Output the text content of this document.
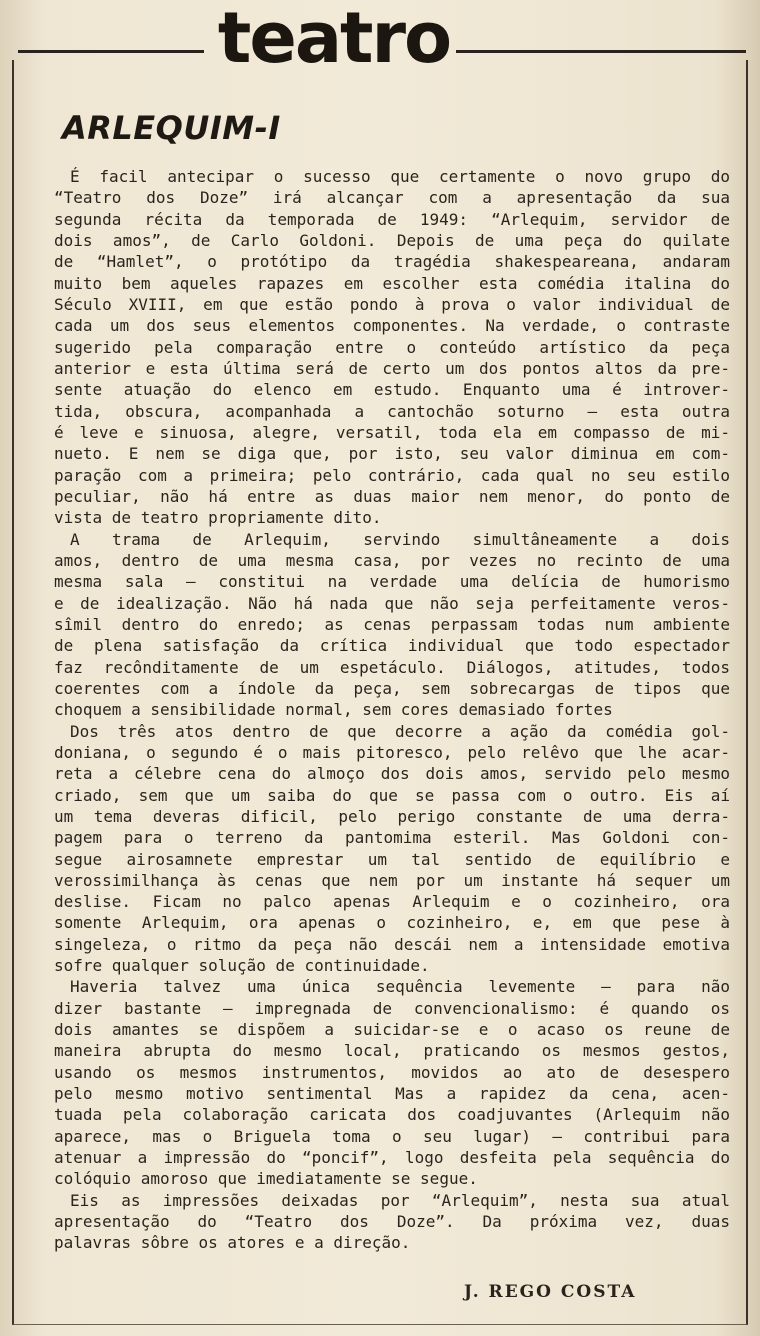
teatro
ARLEQUIM-I
É facil antecipar o sucesso que certamente o novo grupo do
“Teatro dos Doze” irá alcançar com a apresentação da sua
segunda récita da temporada de 1949: “Arlequim, servidor de
dois amos”, de Carlo Goldoni. Depois de uma peça do quilate
de “Hamlet”, o protótipo da tragédia shakespeareana, andaram
muito bem aqueles rapazes em escolher esta comédia italina do
Século XVIII, em que estão pondo à prova o valor individual de
cada um dos seus elementos componentes. Na verdade, o contraste
sugerido pela comparação entre o conteúdo artístico da peça
anterior e esta última será de certo um dos pontos altos da pre-
sente atuação do elenco em estudo. Enquanto uma é introver-
tida, obscura, acompanhada a cantochão soturno — esta outra
é leve e sinuosa, alegre, versatil, toda ela em compasso de mi-
nueto. E nem se diga que, por isto, seu valor diminua em com-
paração com a primeira; pelo contrário, cada qual no seu estilo
peculiar, não há entre as duas maior nem menor, do ponto de
vista de teatro propriamente dito.
A trama de Arlequim, servindo simultâneamente a dois
amos, dentro de uma mesma casa, por vezes no recinto de uma
mesma sala — constitui na verdade uma delícia de humorismo
e de idealização. Não há nada que não seja perfeitamente veros-
sîmil dentro do enredo; as cenas perpassam todas num ambiente
de plena satisfação da crítica individual que todo espectador
faz recônditamente de um espetáculo. Diálogos, atitudes, todos
coerentes com a índole da peça, sem sobrecargas de tipos que
choquem a sensibilidade normal, sem cores demasiado fortes
Dos três atos dentro de que decorre a ação da comédia gol-
doniana, o segundo é o mais pitoresco, pelo relêvo que lhe acar-
reta a célebre cena do almoço dos dois amos, servido pelo mesmo
criado, sem que um saiba do que se passa com o outro. Eis aí
um tema deveras dificil, pelo perigo constante de uma derra-
pagem para o terreno da pantomima esteril. Mas Goldoni con-
segue airosamnete emprestar um tal sentido de equilíbrio e
verossimilhança às cenas que nem por um instante há sequer um
deslise. Ficam no palco apenas Arlequim e o cozinheiro, ora
somente Arlequim, ora apenas o cozinheiro, e, em que pese à
singeleza, o ritmo da peça não descái nem a intensidade emotiva
sofre qualquer solução de continuidade.
Haveria talvez uma única sequência levemente — para não
dizer bastante — impregnada de convencionalismo: é quando os
dois amantes se dispõem a suicidar-se e o acaso os reune de
maneira abrupta do mesmo local, praticando os mesmos gestos,
usando os mesmos instrumentos, movidos ao ato de desespero
pelo mesmo motivo sentimental Mas a rapidez da cena, acen-
tuada pela colaboração caricata dos coadjuvantes (Arlequim não
aparece, mas o Briguela toma o seu lugar) — contribui para
atenuar a impressão do “poncif”, logo desfeita pela sequência do
colóquio amoroso que imediatamente se segue.
Eis as impressões deixadas por “Arlequim”, nesta sua atual
apresentação do “Teatro dos Doze”. Da próxima vez, duas
palavras sôbre os atores e a direção.
J. REGO COSTA
